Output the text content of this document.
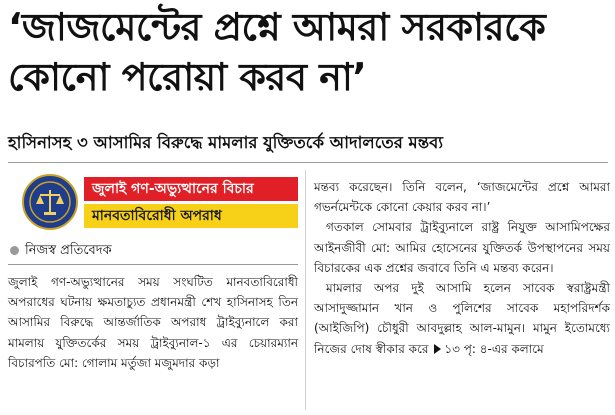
‘জাজমেন্টের প্রশ্নে আমরা সরকারকে
কোনো পরোয়া করব না’
হাসিনাসহ ৩ আসামির বিরুদ্ধে মামলার যুক্তিতর্কে আদালতের মন্তব্য
জুলাই গণ-অভ্যুত্থানের বিচার
মানবতাবিরোধী অপরাধ
নিজস্ব প্রতিবেদক

জুলাই গণ-অভ্যুত্থানের সময় সংঘটিত মানবতাবিরোধী অপরাধের ঘটনায় ক্ষমতাচ্যুত প্রধানমন্ত্রী শেখ হাসিনাসহ তিন আসামির বিরুদ্ধে আন্তর্জাতিক অপরাধ ট্রাইব্যুনালে করা মামলায় যুক্তিতর্কের সময় ট্রাইব্যুনাল-১ এর চেয়ারম্যান বিচারপতি মো: গোলাম মর্তুজা মজুমদার কড়া

মন্তব্য করেছেন। তিনি বলেন, ‘জাজমেন্টের প্রশ্নে আমরা গভর্নমেন্টকে কোনো কেয়ার করব না।’

গতকাল সোমবার ট্রাইব্যুনালে রাষ্ট্র নিযুক্ত আসামিপক্ষের আইনজীবী মো: আমির হোসেনের যুক্তিতর্ক উপস্থাপনের সময় বিচারকের এক প্রশ্নের জবাবে তিনি এ মন্তব্য করেন।

মামলার অপর দুই আসামি হলেন সাবেক স্বরাষ্ট্রমন্ত্রী আসাদুজ্জামান খান ও পুলিশের সাবেক মহাপরিদর্শক (আইজিপি) চৌধুরী আবদুল্লাহ আল-মামুন। মামুন ইতোমধ্যে নিজের দোষ স্বীকার করে ১৩ পৃ: ৪-এর কলামে
